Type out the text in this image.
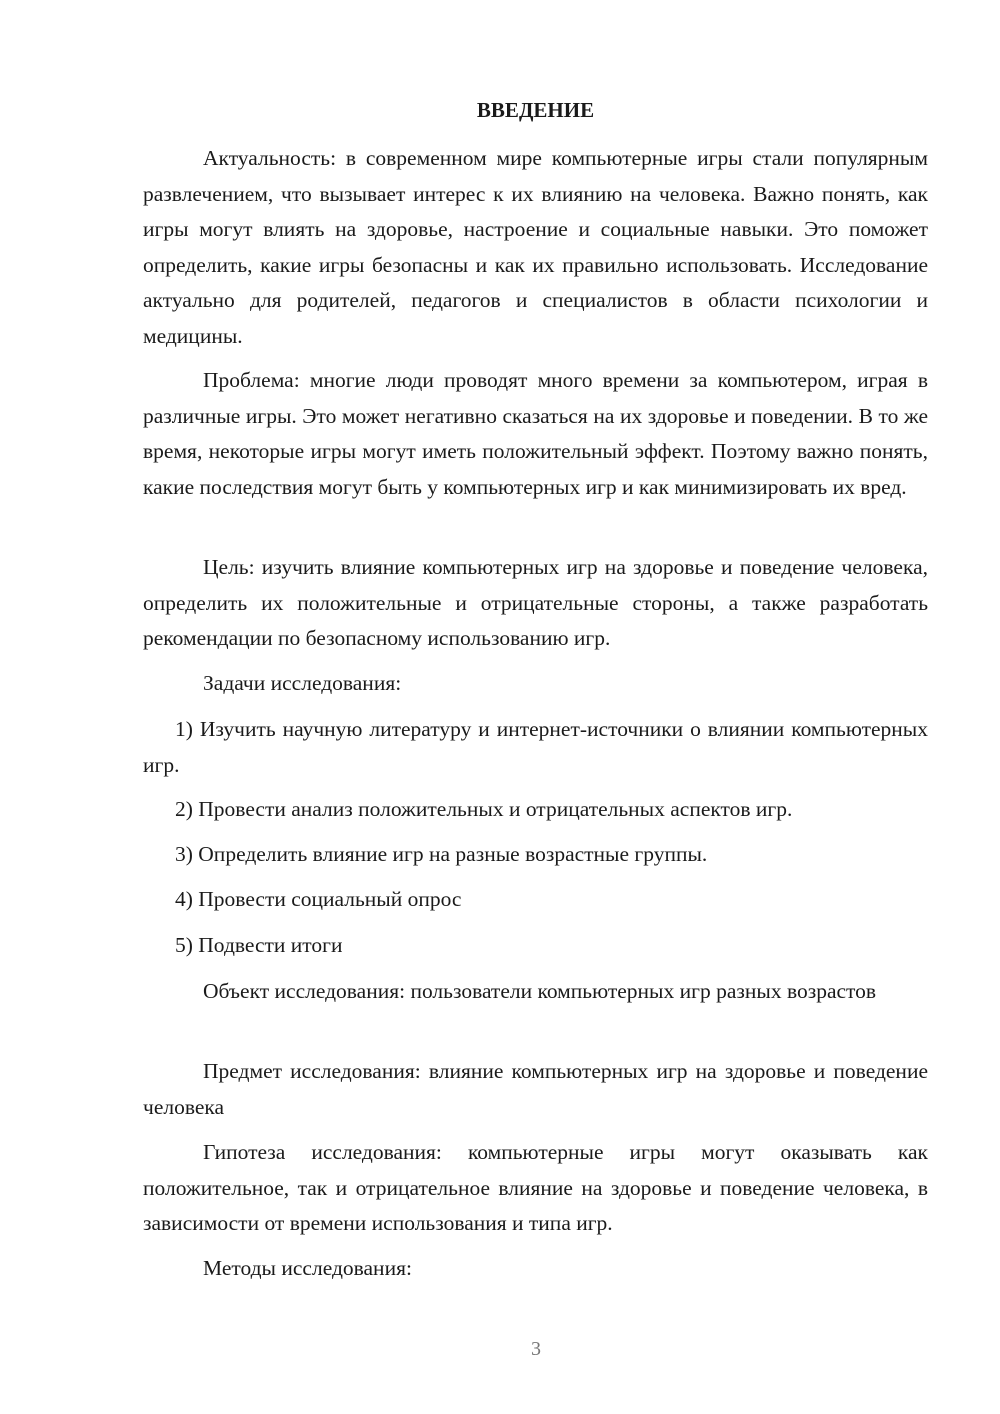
ВВЕДЕНИЕ

Актуальность: в современном мире компьютерные игры стали популярным развлечением, что вызывает интерес к их влиянию на человека. Важно понять, как игры могут влиять на здоровье, настроение и социальные навыки. Это поможет определить, какие игры безопасны и как их правильно использовать. Исследование актуально для родителей, педагогов и специалистов в области психологии и медицины.

Проблема: многие люди проводят много времени за компьютером, играя в различные игры. Это может негативно сказаться на их здоровье и поведении. В то же время, некоторые игры могут иметь положительный эффект. Поэтому важно понять, какие последствия могут быть у компьютерных игр и как минимизировать их вред.

Цель: изучить влияние компьютерных игр на здоровье и поведение человека, определить их положительные и отрицательные стороны, а также разработать рекомендации по безопасному использованию игр.

Задачи исследования:

1) Изучить научную литературу и интернет-источники о влиянии компьютерных игр.

2) Провести анализ положительных и отрицательных аспектов игр.

3) Определить влияние игр на разные возрастные группы.

4) Провести социальный опрос

5) Подвести итоги

Объект исследования: пользователи компьютерных игр разных возрастов

Предмет исследования: влияние компьютерных игр на здоровье и поведение человека

Гипотеза исследования: компьютерные игры могут оказывать как положительное, так и отрицательное влияние на здоровье и поведение человека, в зависимости от времени использования и типа игр.

Методы исследования:

3
